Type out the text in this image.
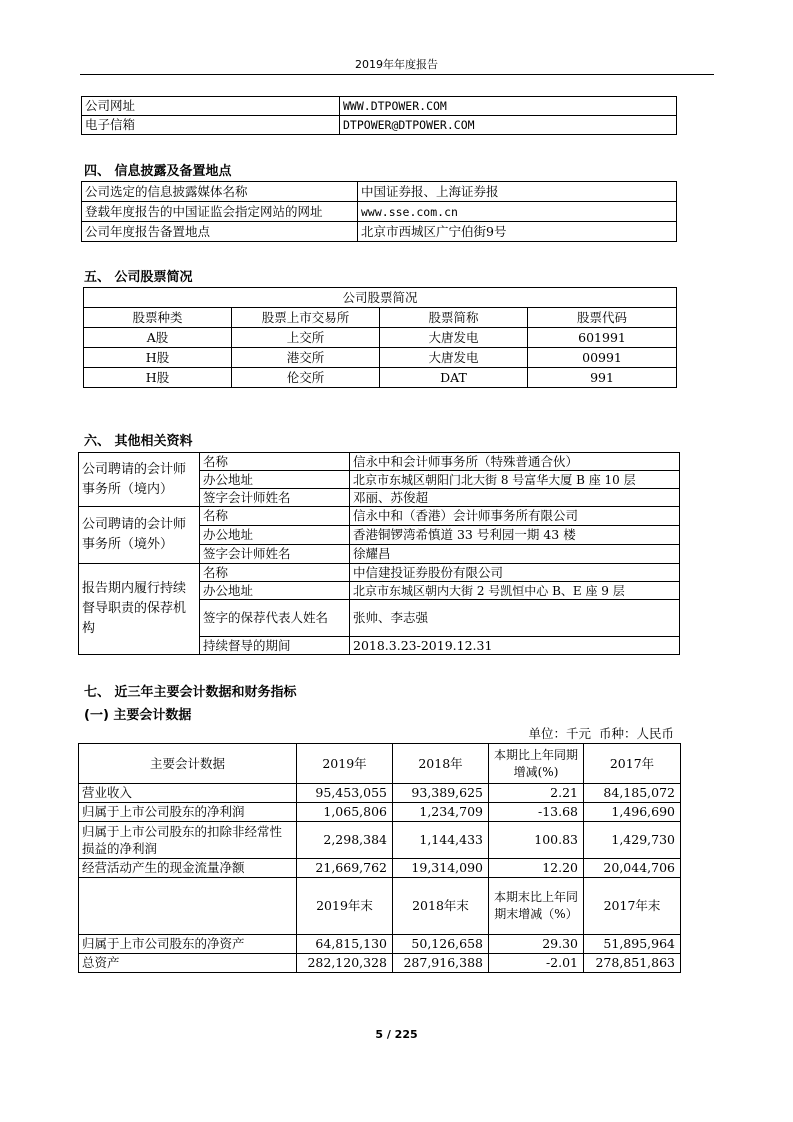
2019年年度报告
公司网址	WWW.DTPOWER.COM
电子信箱	DTPOWER@DTPOWER.COM
四、 信息披露及备置地点
公司选定的信息披露媒体名称	中国证券报、上海证券报
登载年度报告的中国证监会指定网站的网址	www.sse.com.cn
公司年度报告备置地点	北京市西城区广宁伯街9号
五、 公司股票简况
公司股票简况			
股票种类	股票上市交易所	股票简称	股票代码
A股	上交所	大唐发电	601991
H股	港交所	大唐发电	00991
H股	伦交所	DAT	991
六、 其他相关资料
公司聘请的会计师事务所（境内）	名称	信永中和会计师事务所（特殊普通合伙）
	办公地址	北京市东城区朝阳门北大街 8 号富华大厦 B 座 10 层
	签字会计师姓名	邓丽、苏俊超
公司聘请的会计师事务所（境外）	名称	信永中和（香港）会计师事务所有限公司
	办公地址	香港铜锣湾希慎道 33 号利园一期 43 楼
	签字会计师姓名	徐耀昌
报告期内履行持续督导职责的保荐机构	名称	中信建投证券股份有限公司
	办公地址	北京市东城区朝内大街 2 号凯恒中心 B、E 座 9 层
	签字的保荐代表人姓名	张帅、李志强
	持续督导的期间	2018.3.23-2019.12.31
七、 近三年主要会计数据和财务指标
(一) 主要会计数据
单位：千元  币种：人民币
主要会计数据	2019年	2018年	本期比上年同期增减(%)	2017年
营业收入	95,453,055	93,389,625	2.21	84,185,072
归属于上市公司股东的净利润	1,065,806	1,234,709	-13.68	1,496,690
归属于上市公司股东的扣除非经常性损益的净利润	2,298,384	1,144,433	100.83	1,429,730
经营活动产生的现金流量净额	21,669,762	19,314,090	12.20	20,044,706
	2019年末	2018年末	本期末比上年同期末增减（%）	2017年末
归属于上市公司股东的净资产	64,815,130	50,126,658	29.30	51,895,964
总资产	282,120,328	287,916,388	-2.01	278,851,863
5 / 225
